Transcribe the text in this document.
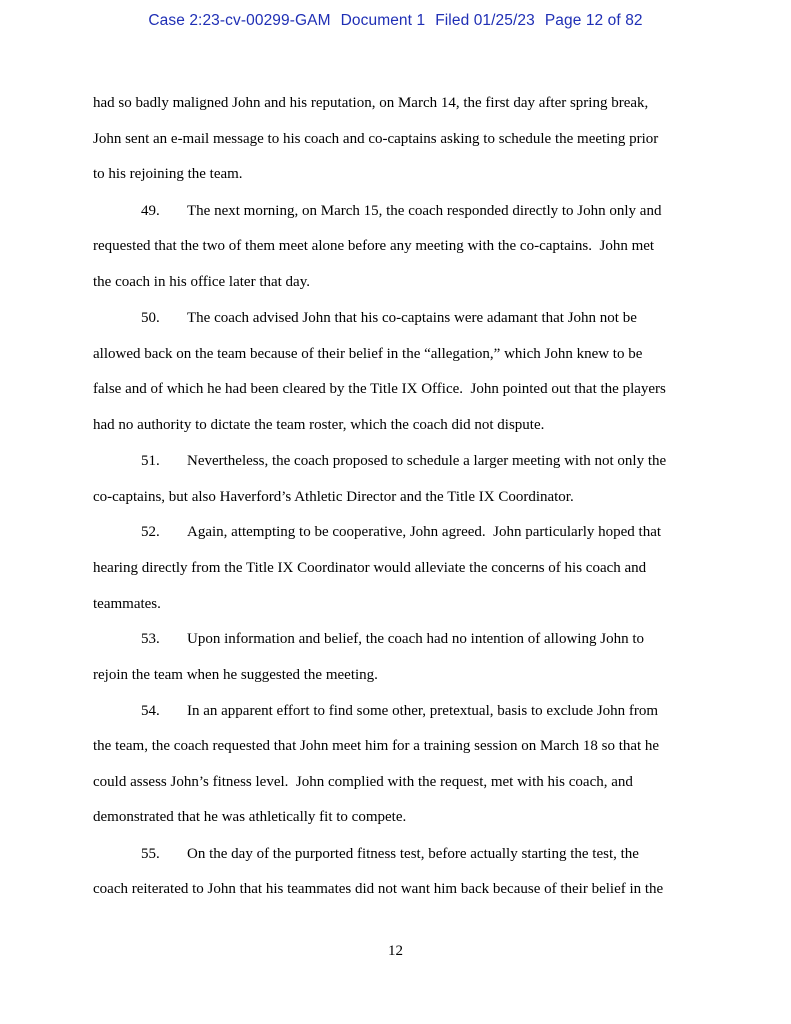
Case 2:23-cv-00299-GAM Document 1 Filed 01/25/23 Page 12 of 82
had so badly maligned John and his reputation, on March 14, the first day after spring break,
John sent an e-mail message to his coach and co-captains asking to schedule the meeting prior
to his rejoining the team.
49. The next morning, on March 15, the coach responded directly to John only and
requested that the two of them meet alone before any meeting with the co-captains.  John met
the coach in his office later that day.
50. The coach advised John that his co-captains were adamant that John not be
allowed back on the team because of their belief in the “allegation,” which John knew to be
false and of which he had been cleared by the Title IX Office.  John pointed out that the players
had no authority to dictate the team roster, which the coach did not dispute.
51. Nevertheless, the coach proposed to schedule a larger meeting with not only the
co-captains, but also Haverford’s Athletic Director and the Title IX Coordinator.
52. Again, attempting to be cooperative, John agreed.  John particularly hoped that
hearing directly from the Title IX Coordinator would alleviate the concerns of his coach and
teammates.
53. Upon information and belief, the coach had no intention of allowing John to
rejoin the team when he suggested the meeting.
54. In an apparent effort to find some other, pretextual, basis to exclude John from
the team, the coach requested that John meet him for a training session on March 18 so that he
could assess John’s fitness level.  John complied with the request, met with his coach, and
demonstrated that he was athletically fit to compete.
55. On the day of the purported fitness test, before actually starting the test, the
coach reiterated to John that his teammates did not want him back because of their belief in the
12
